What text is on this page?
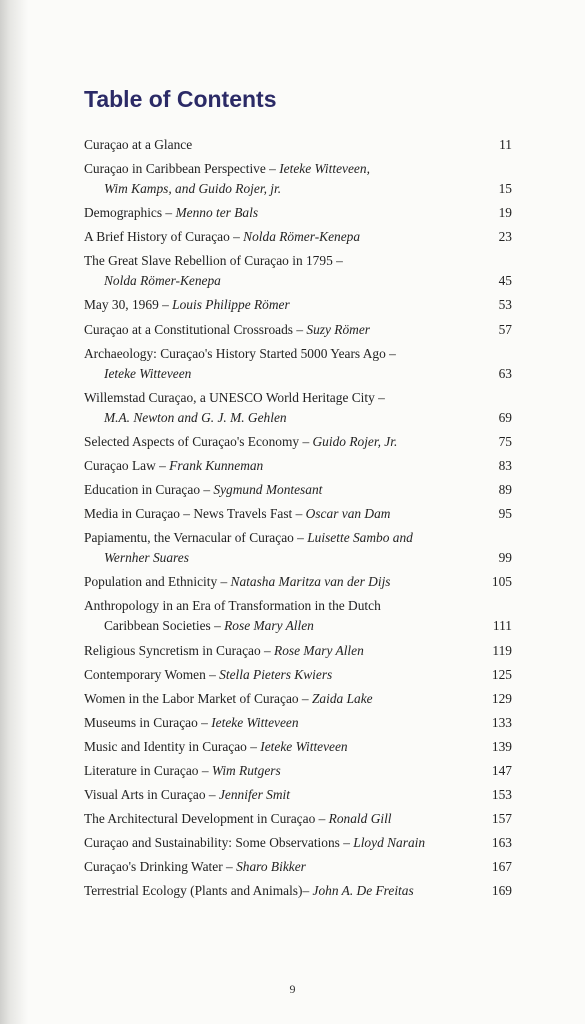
Table of Contents
Curaçao at a Glance	11
Curaçao in Caribbean Perspective – Ieteke Witteveen,
Wim Kamps, and Guido Rojer, jr.	15
Demographics – Menno ter Bals	19
A Brief History of Curaçao – Nolda Römer-Kenepa	23
The Great Slave Rebellion of Curaçao in 1795 –
Nolda Römer-Kenepa	45
May 30, 1969 – Louis Philippe Römer	53
Curaçao at a Constitutional Crossroads – Suzy Römer	57
Archaeology: Curaçao's History Started 5000 Years Ago –
Ieteke Witteveen	63
Willemstad Curaçao, a UNESCO World Heritage City –
M.A. Newton and G. J. M. Gehlen	69
Selected Aspects of Curaçao's Economy – Guido Rojer, Jr.	75
Curaçao Law – Frank Kunneman	83
Education in Curaçao – Sygmund Montesant	89
Media in Curaçao – News Travels Fast – Oscar van Dam	95
Papiamentu, the Vernacular of Curaçao – Luisette Sambo and
Wernher Suares	99
Population and Ethnicity – Natasha Maritza van der Dijs	105
Anthropology in an Era of Transformation in the Dutch
Caribbean Societies – Rose Mary Allen	111
Religious Syncretism in Curaçao – Rose Mary Allen	119
Contemporary Women – Stella Pieters Kwiers	125
Women in the Labor Market of Curaçao – Zaida Lake	129
Museums in Curaçao – Ieteke Witteveen	133
Music and Identity in Curaçao – Ieteke Witteveen	139
Literature in Curaçao – Wim Rutgers	147
Visual Arts in Curaçao – Jennifer Smit	153
The Architectural Development in Curaçao – Ronald Gill	157
Curaçao and Sustainability: Some Observations – Lloyd Narain	163
Curaçao's Drinking Water – Sharo Bikker	167
Terrestrial Ecology (Plants and Animals)– John A. De Freitas	169
9
